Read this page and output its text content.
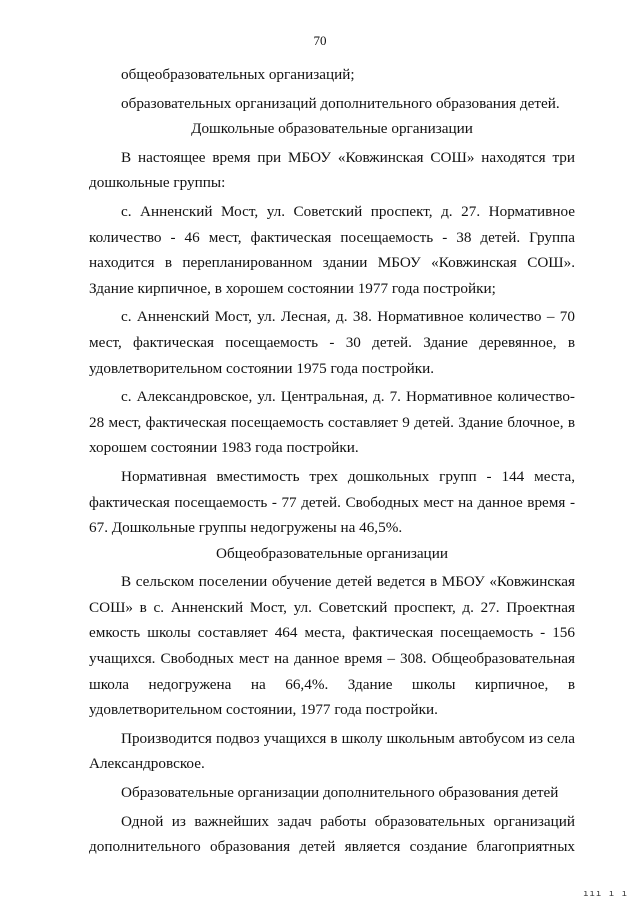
70

общеобразовательных организаций;

образовательных организаций дополнительного образования детей.

Дошкольные образовательные организации

В настоящее время при МБОУ «Ковжинская СОШ» находятся три дошкольные группы:

с. Анненский Мост, ул. Советский проспект, д. 27. Нормативное количество - 46 мест, фактическая посещаемость - 38 детей. Группа находится в перепланированном здании МБОУ «Ковжинская СОШ». Здание кирпичное, в хорошем состоянии 1977 года постройки;

с. Анненский Мост, ул. Лесная, д. 38. Нормативное количество – 70 мест, фактическая посещаемость - 30 детей. Здание деревянное, в удовлетворительном состоянии 1975 года постройки.

с. Александровское, ул. Центральная, д. 7. Нормативное количество- 28 мест, фактическая посещаемость составляет 9 детей. Здание блочное, в хорошем состоянии 1983 года постройки.

Нормативная вместимость трех дошкольных групп - 144 места, фактическая посещаемость - 77 детей. Свободных мест на данное время - 67. Дошкольные группы недогружены на 46,5%.

Общеобразовательные организации

В сельском поселении обучение детей ведется в МБОУ «Ковжинская СОШ» в с. Анненский Мост, ул. Советский проспект, д. 27. Проектная емкость школы составляет 464 места, фактическая посещаемость - 156 учащихся. Свободных мест на данное время – 308. Общеобразовательная школа недогружена на 66,4%. Здание школы кирпичное, в удовлетворительном состоянии, 1977 года постройки.

Производится подвоз учащихся в школу школьным автобусом из села Александровское.

Образовательные организации дополнительного образования детей

Одной из важнейших задач работы образовательных организаций дополнительного образования детей является создание благоприятных

ııı ı ı
